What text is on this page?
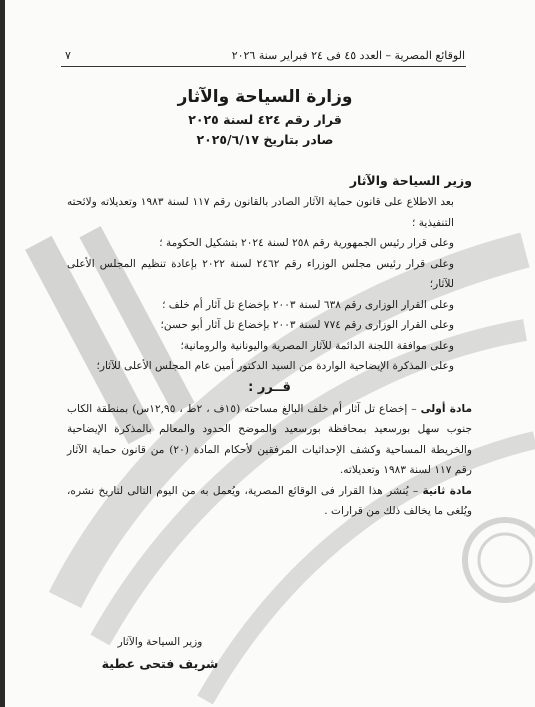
الوقائع المصرية – العدد ٤٥ فى ٢٤ فبراير سنة ٢٠٢٦
٧
وزارة السياحة والآثار
قرار رقم ٤٢٤ لسنة ٢٠٢٥
صادر بتاريخ ٢٠٢٥/٦/١٧
وزير السياحة والآثار

بعد الاطلاع على قانون حماية الآثار الصادر بالقانون رقم ١١٧ لسنة ١٩٨٣ وتعديلاته ولائحته التنفيذية ؛

وعلى قرار رئيس الجمهورية رقم ٢٥٨ لسنة ٢٠٢٤ بتشكيل الحكومة ؛

وعلى قرار رئيس مجلس الوزراء رقم ٢٤٦٢ لسنة ٢٠٢٢ بإعادة تنظيم المجلس الأعلى للآثار؛

وعلى القرار الوزارى رقم ٦٣٨ لسنة ٢٠٠٣ بإخضاع تل آثار أم خلف ؛

وعلى القرار الوزارى رقم ٧٧٤ لسنة ٢٠٠٣ بإخضاع تل آثار أبو حسن؛

وعلى موافقة اللجنة الدائمة للآثار المصرية واليونانية والرومانية؛

وعلى المذكرة الإيضاحية الواردة من السيد الدكتور أمين عام المجلس الأعلى للآثار؛

قــرر :

مادة أولى – إخضاع تل آثار أم خلف البالغ مساحته (١٥ف ، ٢ط ، ١٢,٩٥س) بمنطقة الكاب جنوب سهل بورسعيد بمحافظة بورسعيد والموضح الحدود والمعالم بالمذكرة الإيضاحية والخريطة المساحية وكشف الإحداثيات المرفقين لأحكام المادة (٢٠) من قانون حماية الآثار رقم ١١٧ لسنة ١٩٨٣ وتعديلاته.

مادة ثانية – يُنشر هذا القرار فى الوقائع المصرية، ويُعمل به من اليوم التالى لتاريخ نشره، ويُلغى ما يخالف ذلك من قرارات .

وزير السياحة والآثار
شريف فتحى عطية
